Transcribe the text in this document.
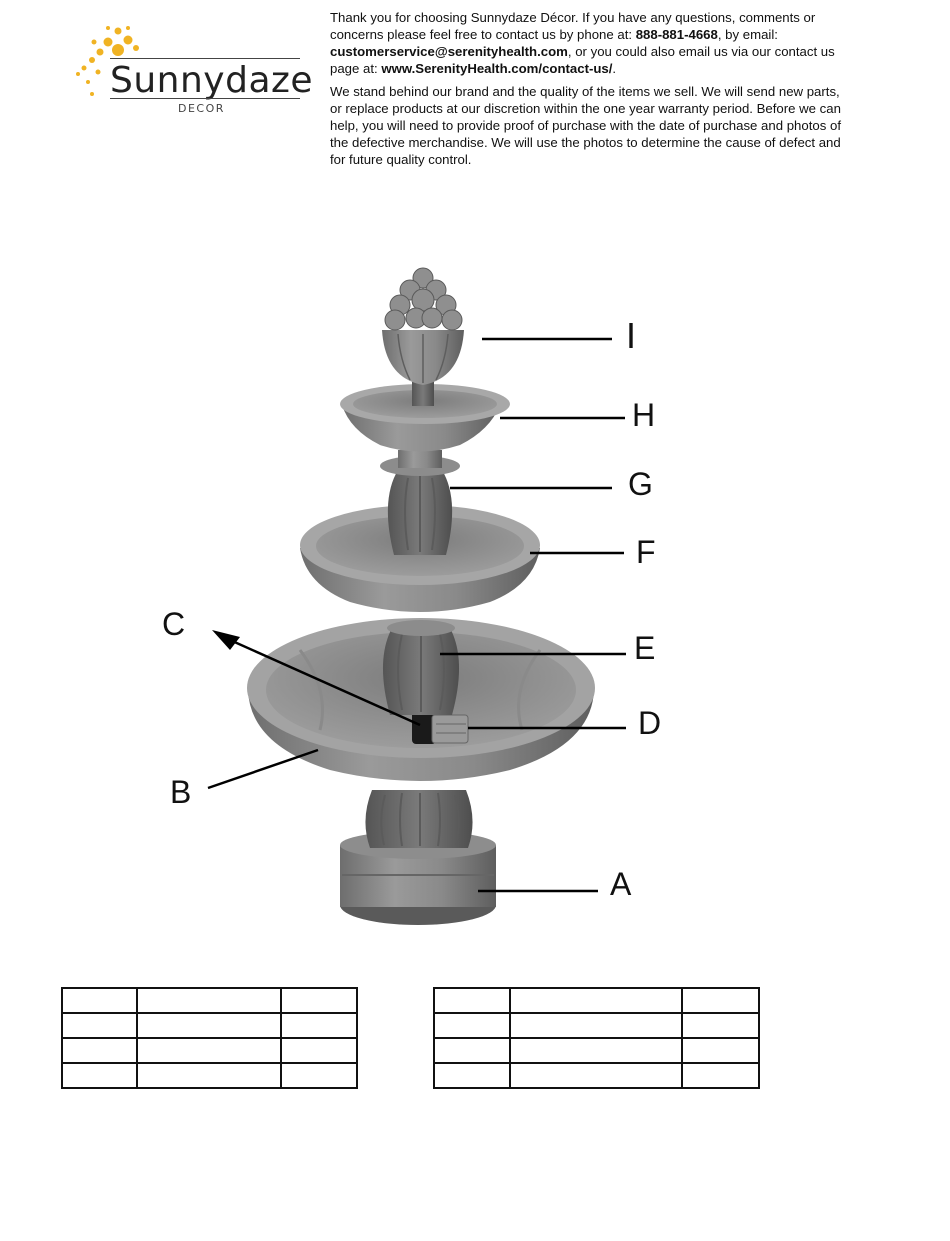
Sunnydaze
DECOR

Thank you for choosing Sunnydaze Décor. If you have any questions, comments or concerns please feel free to contact us by phone at: 888-881-4668, by email: customerservice@serenityhealth.com, or you could also email us via our contact us page at: www.SerenityHealth.com/contact-us/.

We stand behind our brand and the quality of the items we sell. We will send new parts, or replace products at our discretion within the one year warranty period. Before we can help, you will need to provide proof of purchase with the date of purchase and photos of the defective merchandise. We will use the photos to determine the cause of defect and for future quality control.

I
H
G
F
E
D
C
B
A
